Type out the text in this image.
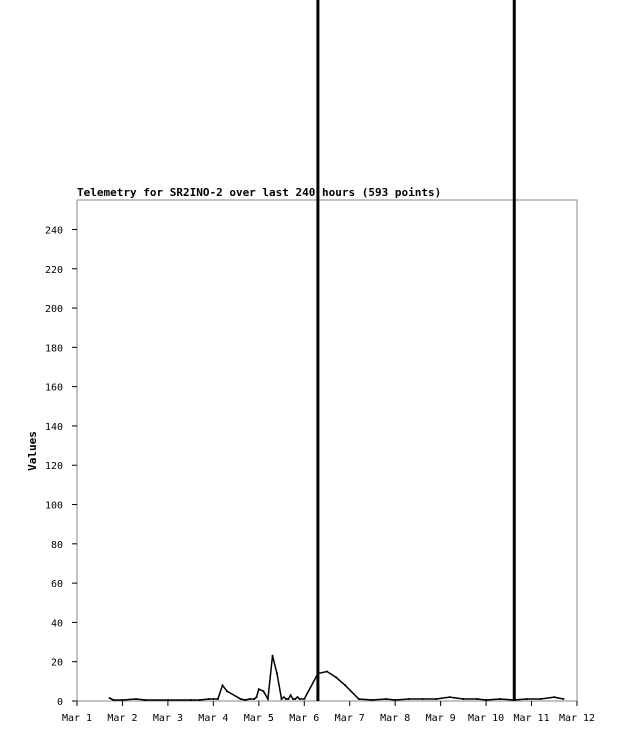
Telemetry for SR2INO-2 over last 240 hours (593 points)
Values
0
20
40
60
80
100
120
140
160
180
200
220
240
Mar 1 Mar 2 Mar 3 Mar 4 Mar 5 Mar 6 Mar 7 Mar 8 Mar 9 Mar 10 Mar 11 Mar 12
